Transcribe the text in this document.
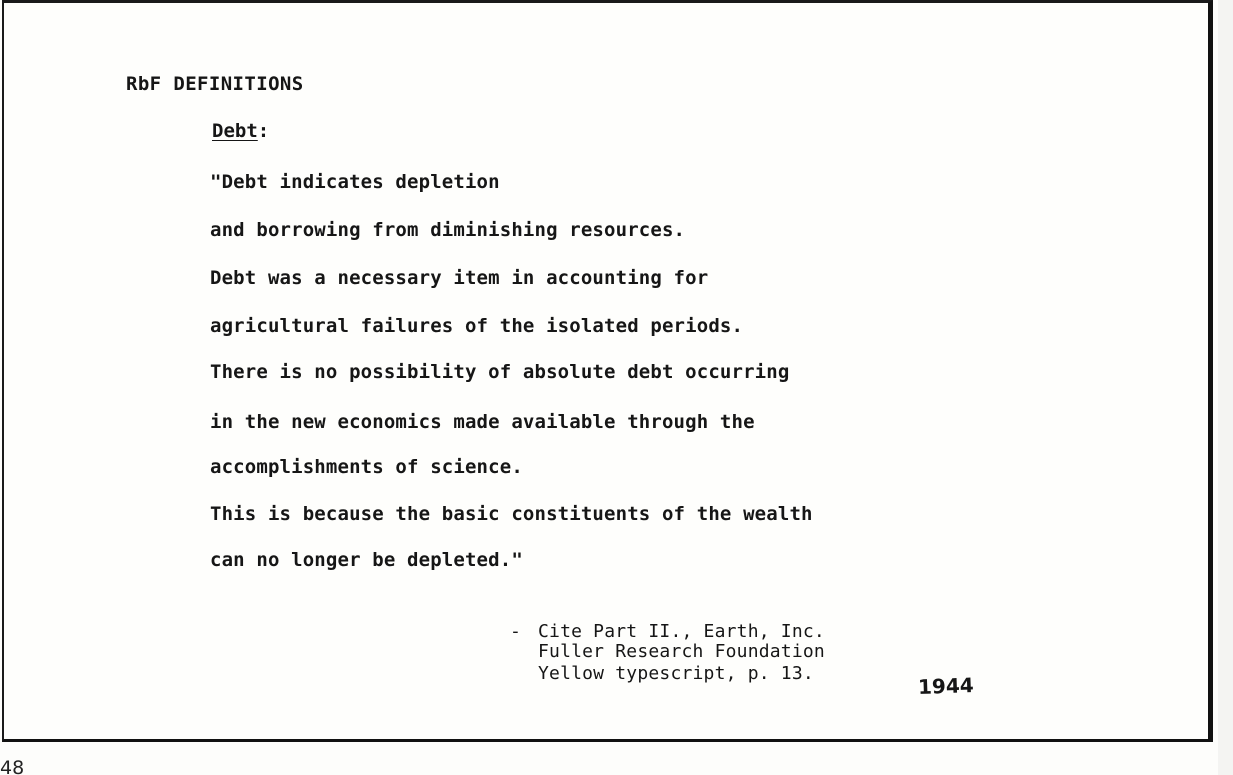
RbF DEFINITIONS
Debt:
"Debt indicates depletion
and borrowing from diminishing resources.
Debt was a necessary item in accounting for
agricultural failures of the isolated periods.
There is no possibility of absolute debt occurring
in the new economics made available through the
accomplishments of science.
This is because the basic constituents of the wealth
can no longer be depleted."
- Cite Part II., Earth, Inc.
Fuller Research Foundation
Yellow typescript, p. 13.	1944
48
